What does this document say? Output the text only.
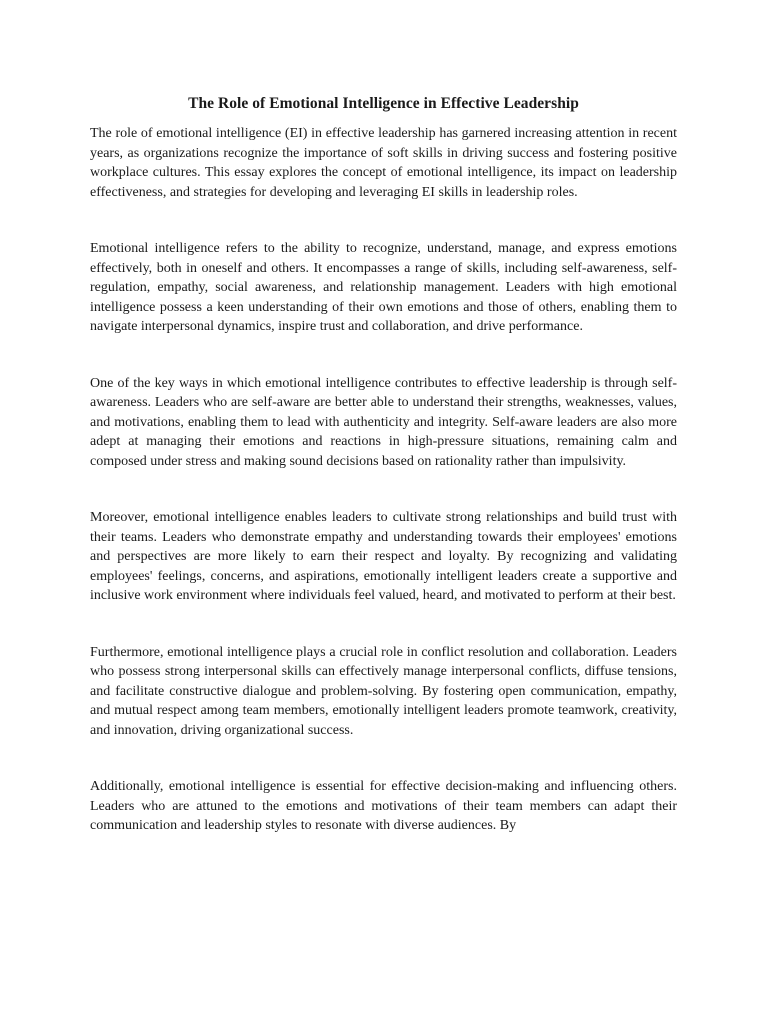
The Role of Emotional Intelligence in Effective Leadership

The role of emotional intelligence (EI) in effective leadership has garnered increasing attention in recent years, as organizations recognize the importance of soft skills in driving success and fostering positive workplace cultures. This essay explores the concept of emotional intelligence, its impact on leadership effectiveness, and strategies for developing and leveraging EI skills in leadership roles.

Emotional intelligence refers to the ability to recognize, understand, manage, and express emotions effectively, both in oneself and others. It encompasses a range of skills, including self-awareness, self-regulation, empathy, social awareness, and relationship management. Leaders with high emotional intelligence possess a keen understanding of their own emotions and those of others, enabling them to navigate interpersonal dynamics, inspire trust and collaboration, and drive performance.

One of the key ways in which emotional intelligence contributes to effective leadership is through self-awareness. Leaders who are self-aware are better able to understand their strengths, weaknesses, values, and motivations, enabling them to lead with authenticity and integrity. Self-aware leaders are also more adept at managing their emotions and reactions in high-pressure situations, remaining calm and composed under stress and making sound decisions based on rationality rather than impulsivity.

Moreover, emotional intelligence enables leaders to cultivate strong relationships and build trust with their teams. Leaders who demonstrate empathy and understanding towards their employees' emotions and perspectives are more likely to earn their respect and loyalty. By recognizing and validating employees' feelings, concerns, and aspirations, emotionally intelligent leaders create a supportive and inclusive work environment where individuals feel valued, heard, and motivated to perform at their best.

Furthermore, emotional intelligence plays a crucial role in conflict resolution and collaboration. Leaders who possess strong interpersonal skills can effectively manage interpersonal conflicts, diffuse tensions, and facilitate constructive dialogue and problem-solving. By fostering open communication, empathy, and mutual respect among team members, emotionally intelligent leaders promote teamwork, creativity, and innovation, driving organizational success.

Additionally, emotional intelligence is essential for effective decision-making and influencing others. Leaders who are attuned to the emotions and motivations of their team members can adapt their communication and leadership styles to resonate with diverse audiences. By
